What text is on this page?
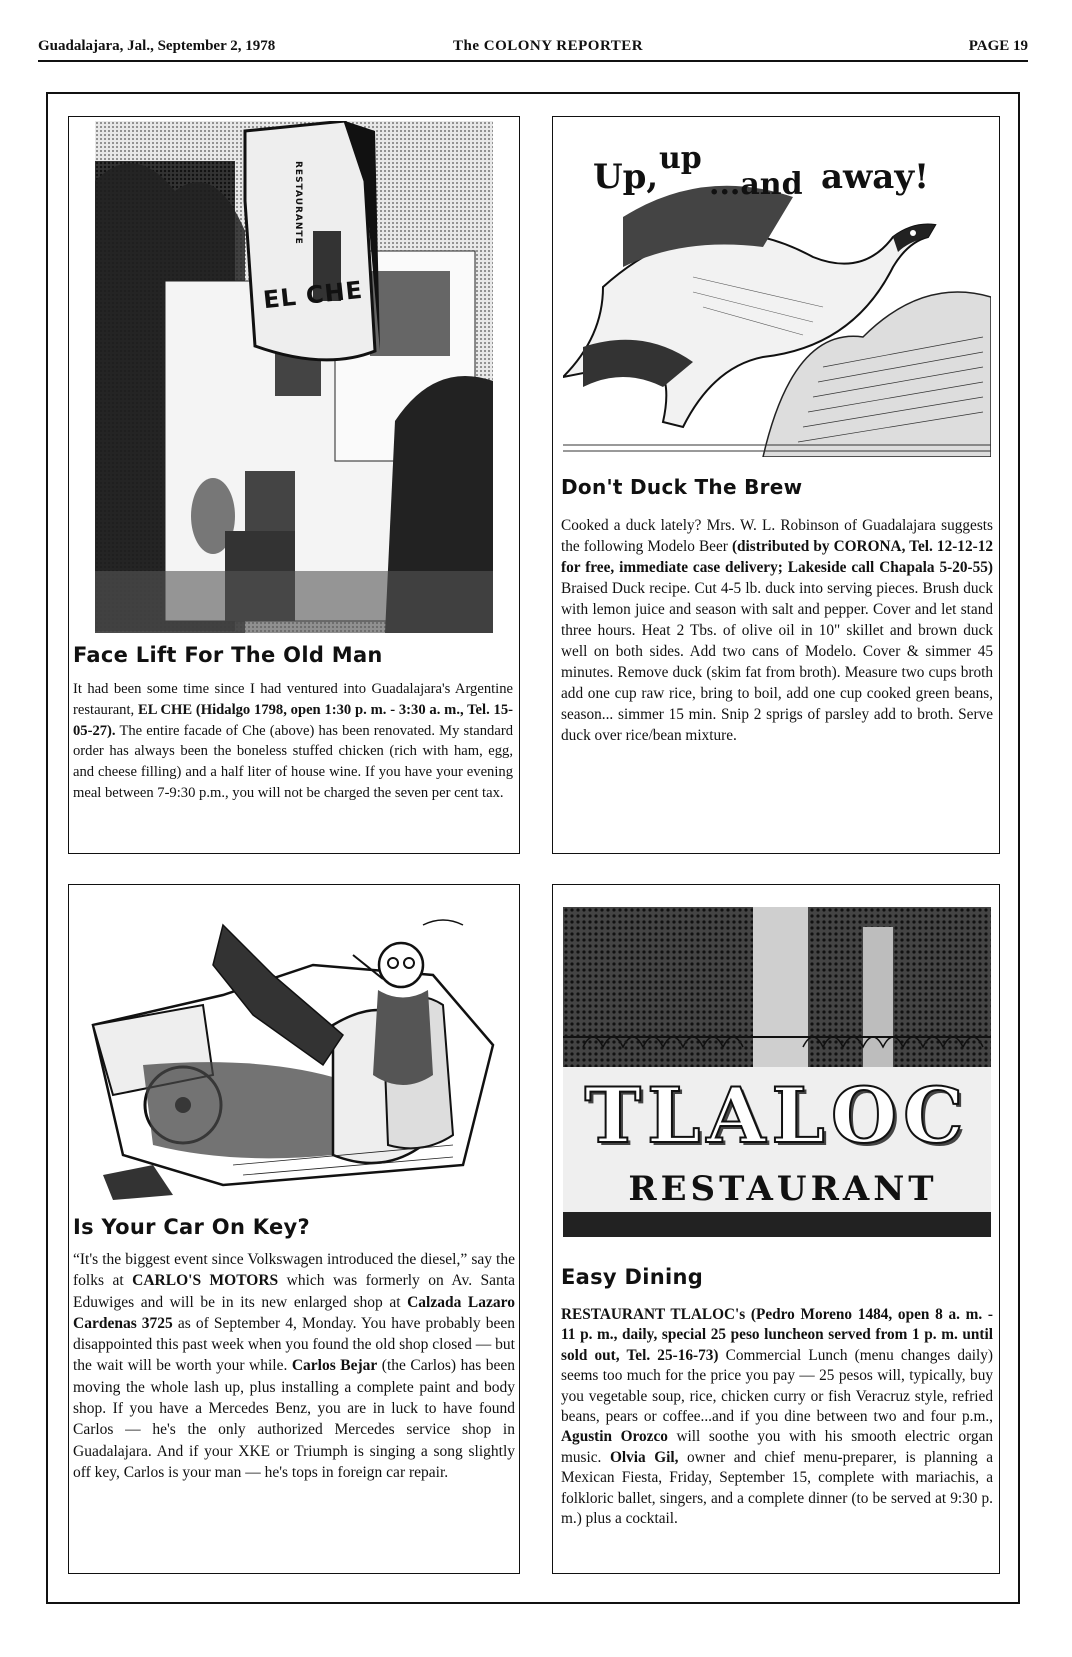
Guadalajara, Jal., September 2, 1978	The COLONY REPORTER	PAGE 19
EL CHE
RESTAURANTE
Face Lift For The Old Man
It had been some time since I had ventured into Guadalajara's Argentine restaurant, EL CHE (Hidalgo 1798, open 1:30 p. m. - 3:30 a. m., Tel. 15-05-27). The entire facade of Che (above) has been renovated. My standard order has always been the boneless stuffed chicken (rich with ham, egg, and cheese filling) and a half liter of house wine. If you have your evening meal between 7-9:30 p.m., you will not be charged the seven per cent tax.
Up, up
...and away!
Don't Duck The Brew
Cooked a duck lately? Mrs. W. L. Robinson of Guadalajara suggests the following Modelo Beer (distributed by CORONA, Tel. 12-12-12 for free, immediate case delivery; Lakeside call Chapala 5-20-55) Braised Duck recipe. Cut 4-5 lb. duck into serving pieces. Brush duck with lemon juice and season with salt and pepper. Cover and let stand three hours. Heat 2 Tbs. of olive oil in 10" skillet and brown duck well on both sides. Add two cans of Modelo. Cover & simmer 45 minutes. Remove duck (skim fat from broth). Measure two cups broth add one cup raw rice, bring to boil, add one cup cooked green beans, season... simmer 15 min. Snip 2 sprigs of parsley add to broth. Serve duck over rice/bean mixture.
Is Your Car On Key?
“It's the biggest event since Volkswagen introduced the diesel,” say the folks at CARLO'S MOTORS which was formerly on Av. Santa Eduwiges and will be in its new enlarged shop at Calzada Lazaro Cardenas 3725 as of September 4, Monday. You have probably been disappointed this past week when you found the old shop closed — but the wait will be worth your while. Carlos Bejar (the Carlos) has been moving the whole lash up, plus installing a complete paint and body shop. If you have a Mercedes Benz, you are in luck to have found Carlos — he's the only authorized Mercedes service shop in Guadalajara. And if your XKE or Triumph is singing a song slightly off key, Carlos is your man — he's tops in foreign car repair.
TLALOC
RESTAURANT
Easy Dining
RESTAURANT TLALOC's (Pedro Moreno 1484, open 8 a. m. - 11 p. m., daily, special 25 peso luncheon served from 1 p. m. until sold out, Tel. 25-16-73) Commercial Lunch (menu changes daily) seems too much for the price you pay — 25 pesos will, typically, buy you vegetable soup, rice, chicken curry or fish Veracruz style, refried beans, pears or coffee...and if you dine between two and four p.m., Agustin Orozco will soothe you with his smooth electric organ music. Olvia Gil, owner and chief menu-preparer, is planning a Mexican Fiesta, Friday, September 15, complete with mariachis, a folkloric ballet, singers, and a complete dinner (to be served at 9:30 p. m.) plus a cocktail.
